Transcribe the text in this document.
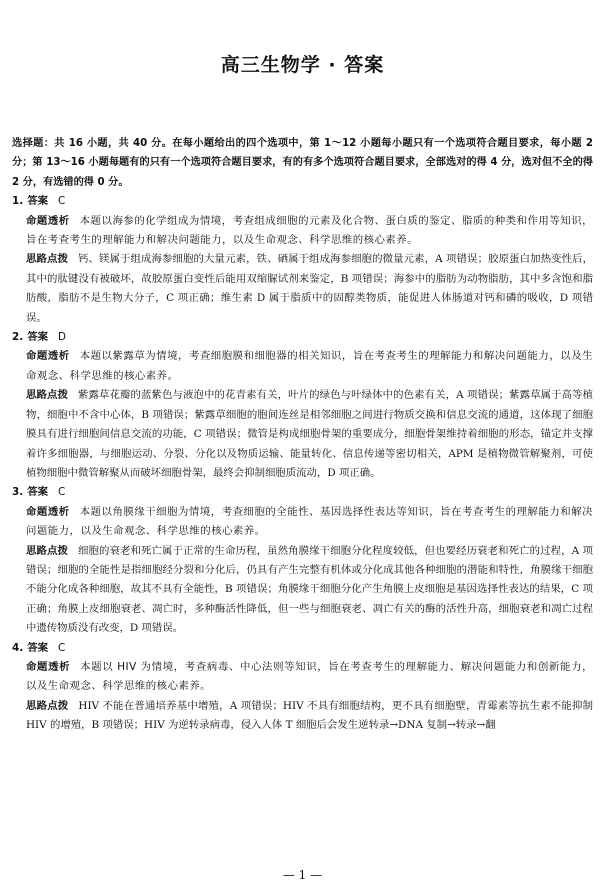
高三生物学 · 答案

选择题：共 16 小题，共 40 分。在每小题给出的四个选项中，第 1～12 小题每小题只有一个选项符合题目要求，每小题 2 分；第 13～16 小题每题有的只有一个选项符合题目要求，有的有多个选项符合题目要求，全部选对的得 4 分，选对但不全的得 2 分，有选错的得 0 分。

1. 答案 C

命题透析 本题以海参的化学组成为情境，考查组成细胞的元素及化合物、蛋白质的鉴定、脂质的种类和作用等知识，旨在考查考生的理解能力和解决问题能力，以及生命观念、科学思维的核心素养。

思路点拨 钙、镁属于组成海参细胞的大量元素，铁、硒属于组成海参细胞的微量元素，A 项错误；胶原蛋白加热变性后，其中的肽键没有被破坏，故胶原蛋白变性后能用双缩脲试剂来鉴定，B 项错误；海参中的脂肪为动物脂肪，其中多含饱和脂肪酸，脂肪不是生物大分子，C 项正确；维生素 D 属于脂质中的固醇类物质，能促进人体肠道对钙和磷的吸收，D 项错误。

2. 答案 D

命题透析 本题以紫露草为情境，考查细胞膜和细胞器的相关知识，旨在考查考生的理解能力和解决问题能力，以及生命观念、科学思维的核心素养。

思路点拨 紫露草花瓣的蓝紫色与液泡中的花青素有关，叶片的绿色与叶绿体中的色素有关，A 项错误；紫露草属于高等植物，细胞中不含中心体，B 项错误；紫露草细胞的胞间连丝是相邻细胞之间进行物质交换和信息交流的通道，这体现了细胞膜具有进行细胞间信息交流的功能，C 项错误；微管是构成细胞骨架的重要成分，细胞骨架维持着细胞的形态，锚定并支撑着许多细胞器，与细胞运动、分裂、分化以及物质运输、能量转化、信息传递等密切相关，APM 是植物微管解聚剂，可使植物细胞中微管解聚从而破坏细胞骨架，最终会抑制细胞质流动，D 项正确。

3. 答案 C

命题透析 本题以角膜缘干细胞为情境，考查细胞的全能性、基因选择性表达等知识，旨在考查考生的理解能力和解决问题能力，以及生命观念、科学思维的核心素养。

思路点拨 细胞的衰老和死亡属于正常的生命历程，虽然角膜缘干细胞分化程度较低，但也要经历衰老和死亡的过程，A 项错误；细胞的全能性是指细胞经分裂和分化后，仍具有产生完整有机体或分化成其他各种细胞的潜能和特性，角膜缘干细胞不能分化成各种细胞，故其不具有全能性，B 项错误；角膜缘干细胞分化产生角膜上皮细胞是基因选择性表达的结果，C 项正确；角膜上皮细胞衰老、凋亡时，多种酶活性降低，但一些与细胞衰老、凋亡有关的酶的活性升高，细胞衰老和凋亡过程中遗传物质没有改变，D 项错误。

4. 答案 C

命题透析 本题以 HIV 为情境，考查病毒、中心法则等知识，旨在考查考生的理解能力、解决问题能力和创新能力，以及生命观念、科学思维的核心素养。

思路点拨 HIV 不能在普通培养基中增殖，A 项错误；HIV 不具有细胞结构，更不具有细胞壁，青霉素等抗生素不能抑制 HIV 的增殖，B 项错误；HIV 为逆转录病毒，侵入人体 T 细胞后会发生逆转录→DNA 复制→转录→翻

— 1 —
